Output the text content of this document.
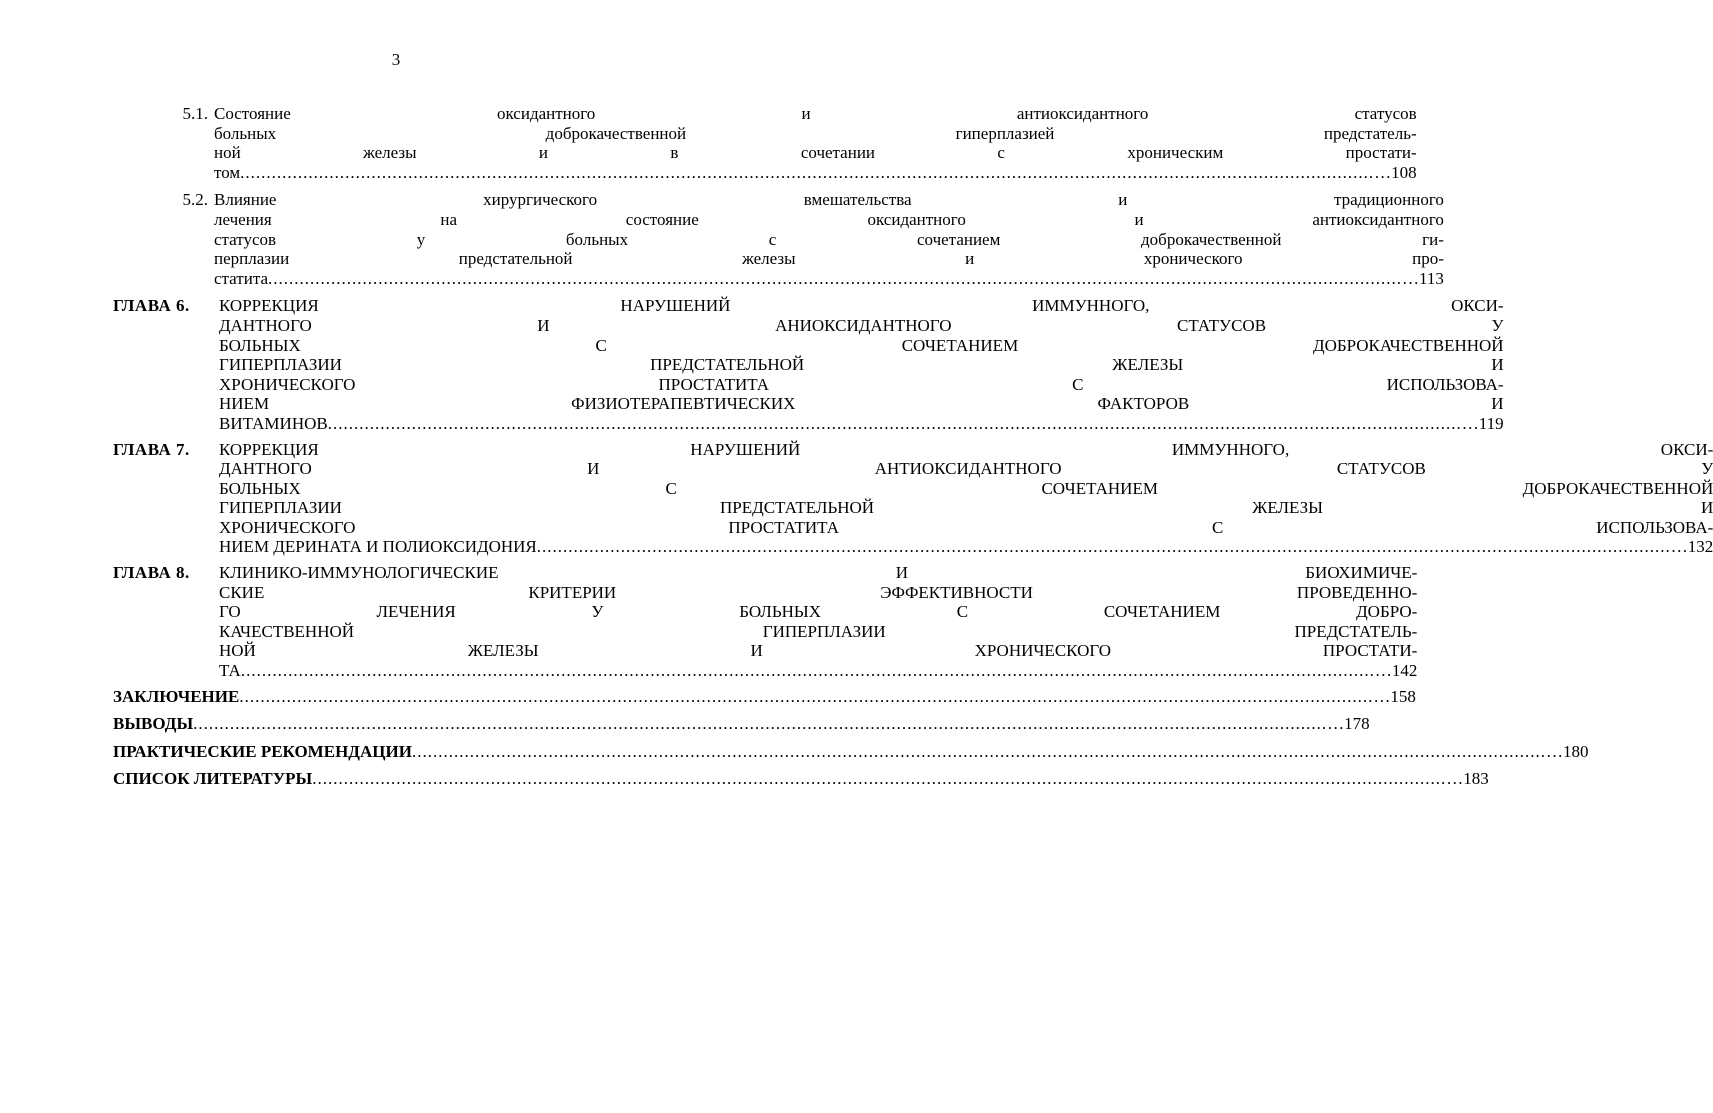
3
5.1. Состояние оксидантного и антиоксидантного статусов
больных доброкачественной гиперплазией предстатель-
ной железы и в сочетании с хроническим простати-
том .....	…108
5.2. Влияние хирургического вмешательства и традиционного
лечения на состояние оксидантного и антиоксидантного
статусов у больных с сочетанием доброкачественной ги-
перплазии предстательной железы и хронического про-
статита .....	…113
ГЛАВА 6.	КОРРЕКЦИЯ НАРУШЕНИЙ ИММУННОГО, ОКСИ-
ДАНТНОГО И АНИОКСИДАНТНОГО СТАТУСОВ У
БОЛЬНЫХ С СОЧЕТАНИЕМ ДОБРОКАЧЕСТВЕННОЙ
ГИПЕРПЛАЗИИ ПРЕДСТАТЕЛЬНОЙ ЖЕЛЕЗЫ И
ХРОНИЧЕСКОГО ПРОСТАТИТА С ИСПОЛЬЗОВА-
НИЕМ ФИЗИОТЕРАПЕВТИЧЕСКИХ ФАКТОРОВ И
ВИТАМИНОВ .....	…119
ГЛАВА 7.	КОРРЕКЦИЯ НАРУШЕНИЙ ИММУННОГО, ОКСИ-
ДАНТНОГО И АНТИОКСИДАНТНОГО СТАТУСОВ У
БОЛЬНЫХ С СОЧЕТАНИЕМ ДОБРОКАЧЕСТВЕННОЙ
ГИПЕРПЛАЗИИ ПРЕДСТАТЕЛЬНОЙ ЖЕЛЕЗЫ И
ХРОНИЧЕСКОГО ПРОСТАТИТА С ИСПОЛЬЗОВА-
НИЕМ ДЕРИНАТА И ПОЛИОКСИДОНИЯ .....	…132
ГЛАВА 8.	КЛИНИКО-ИММУНОЛОГИЧЕСКИЕ И БИОХИМИЧЕ-
СКИЕ КРИТЕРИИ ЭФФЕКТИВНОСТИ ПРОВЕДЕННО-
ГО ЛЕЧЕНИЯ У БОЛЬНЫХ С СОЧЕТАНИЕМ ДОБРО-
КАЧЕСТВЕННОЙ ГИПЕРПЛАЗИИ ПРЕДСТАТЕЛЬ-
НОЙ ЖЕЛЕЗЫ И ХРОНИЧЕСКОГО ПРОСТАТИ-
ТА .....	…142
ЗАКЛЮЧЕНИЕ .....	…158
ВЫВОДЫ .....	…178
ПРАКТИЧЕСКИЕ РЕКОМЕНДАЦИИ .....	…180
СПИСОК ЛИТЕРАТУРЫ .....	…183
